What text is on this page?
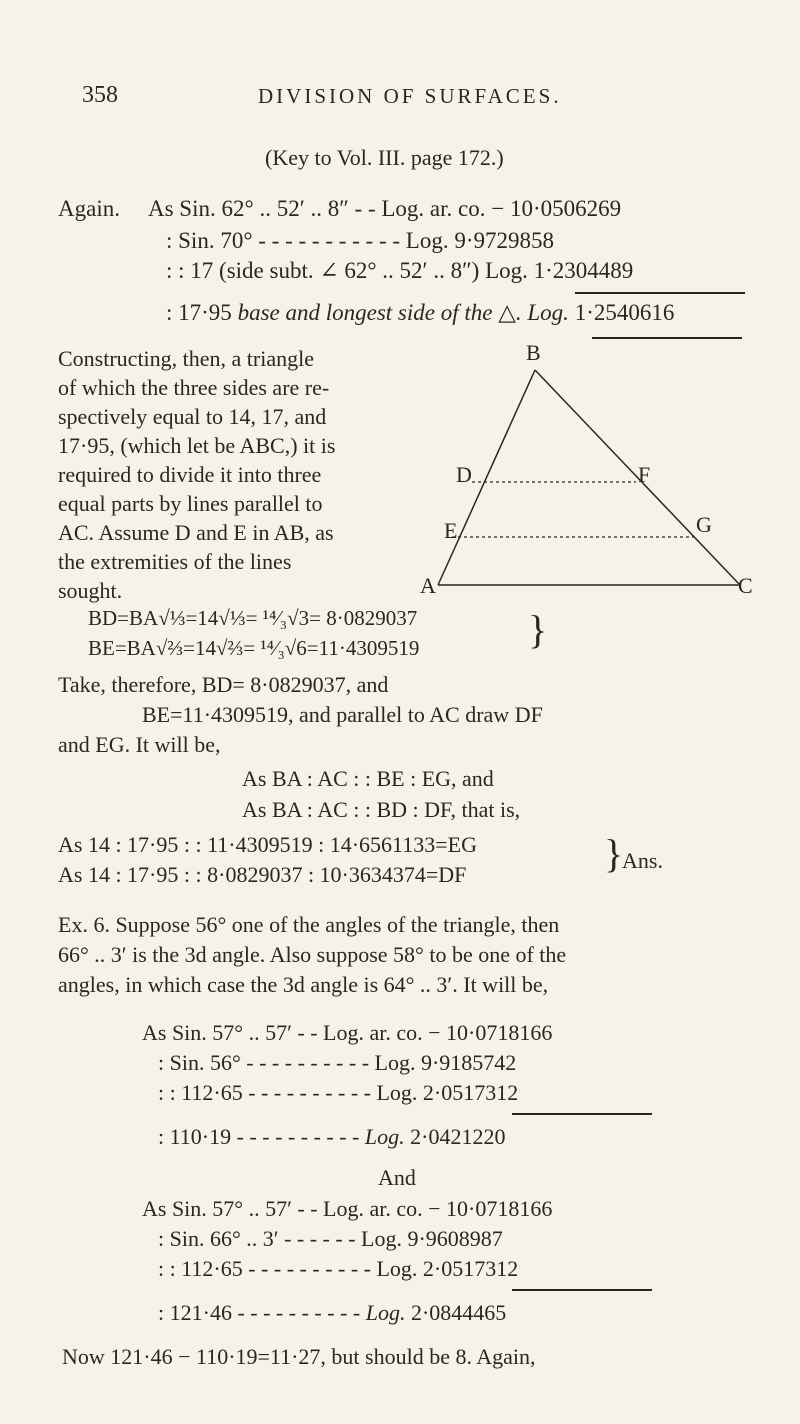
358	DIVISION OF SURFACES.
(Key to Vol. III. page 172.)
Again. As Sin. 62° .. 52′ .. 8″ - - Log. ar. co. − 10·0506269
: Sin. 70° - - - - - - - - - - - Log. 9·9729858
: : 17 (side subt. ∠ 62° .. 52′ .. 8″) Log. 1·2304489
: 17·95 base and longest side of the △. Log. 1·2540616
Constructing, then, a triangle
of which the three sides are re-
spectively equal to 14, 17, and
17·95, (which let be ABC,) it is
required to divide it into three
equal parts by lines parallel to
AC. Assume D and E in AB, as
the extremities of the lines
sought.
B
D	F
E	G
A	C
BD=BA√⅓=14√⅓= ¹⁴⁄₃√3= 8·0829037
BE=BA√⅔=14√⅔= ¹⁴⁄₃√6=11·4309519	}
Take, therefore, BD= 8·0829037, and
BE=11·4309519, and parallel to AC draw DF
and EG. It will be,
As BA : AC : : BE : EG, and
As BA : AC : : BD : DF, that is,
As 14 : 17·95 : : 11·4309519 : 14·6561133=EG
As 14 : 17·95 : : 8·0829037 : 10·3634374=DF	}
Ans.
Ex. 6. Suppose 56° one of the angles of the triangle, then
66° .. 3′ is the 3d angle. Also suppose 58° to be one of the
angles, in which case the 3d angle is 64° .. 3′. It will be,
As Sin. 57° .. 57′ - - Log. ar. co. − 10·0718166
: Sin. 56° - - - - - - - - - - Log. 9·9185742
: : 112·65 - - - - - - - - - - Log. 2·0517312
: 110·19 - - - - - - - - - - Log. 2·0421220
And
As Sin. 57° .. 57′ - - Log. ar. co. − 10·0718166
: Sin. 66° .. 3′ - - - - - - Log. 9·9608987
: : 112·65 - - - - - - - - - - Log. 2·0517312
: 121·46 - - - - - - - - - - Log. 2·0844465
Now 121·46 − 110·19=11·27, but should be 8. Again,
